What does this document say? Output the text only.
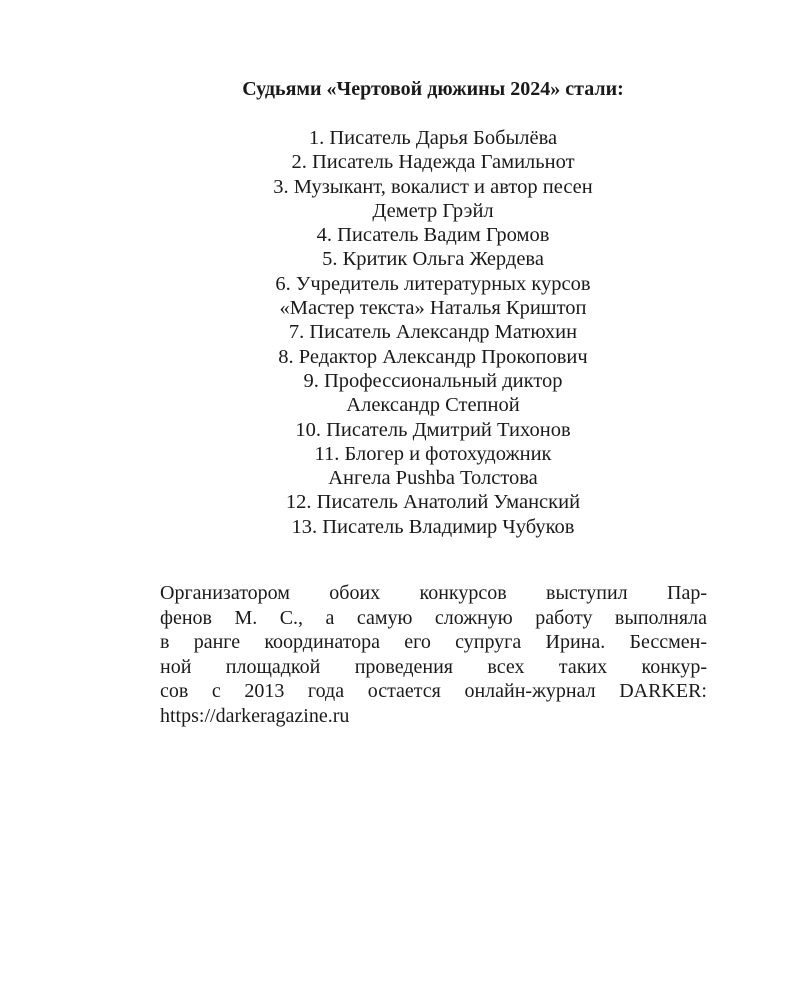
Судьями «Чертовой дюжины 2024» стали:

1. Писатель Дарья Бобылёва
2. Писатель Надежда Гамильнот
3. Музыкант, вокалист и автор песен
Деметр Грэйл
4. Писатель Вадим Громов
5. Критик Ольга Жердева
6. Учредитель литературных курсов
«Мастер текста» Наталья Криштоп
7. Писатель Александр Матюхин
8. Редактор Александр Прокопович
9. Профессиональный диктор
Александр Степной
10. Писатель Дмитрий Тихонов
11. Блогер и фотохудожник
Ангела Pushba Толстова
12. Писатель Анатолий Уманский
13. Писатель Владимир Чубуков
Организатором обоих конкурсов выступил Пар-
фенов М. С., а самую сложную работу выполняла
в ранге координатора его супруга Ирина. Бессмен-
ной площадкой проведения всех таких конкур-
сов с 2013 года остается онлайн-журнал DARKER:
https://darkeragazine.ru
